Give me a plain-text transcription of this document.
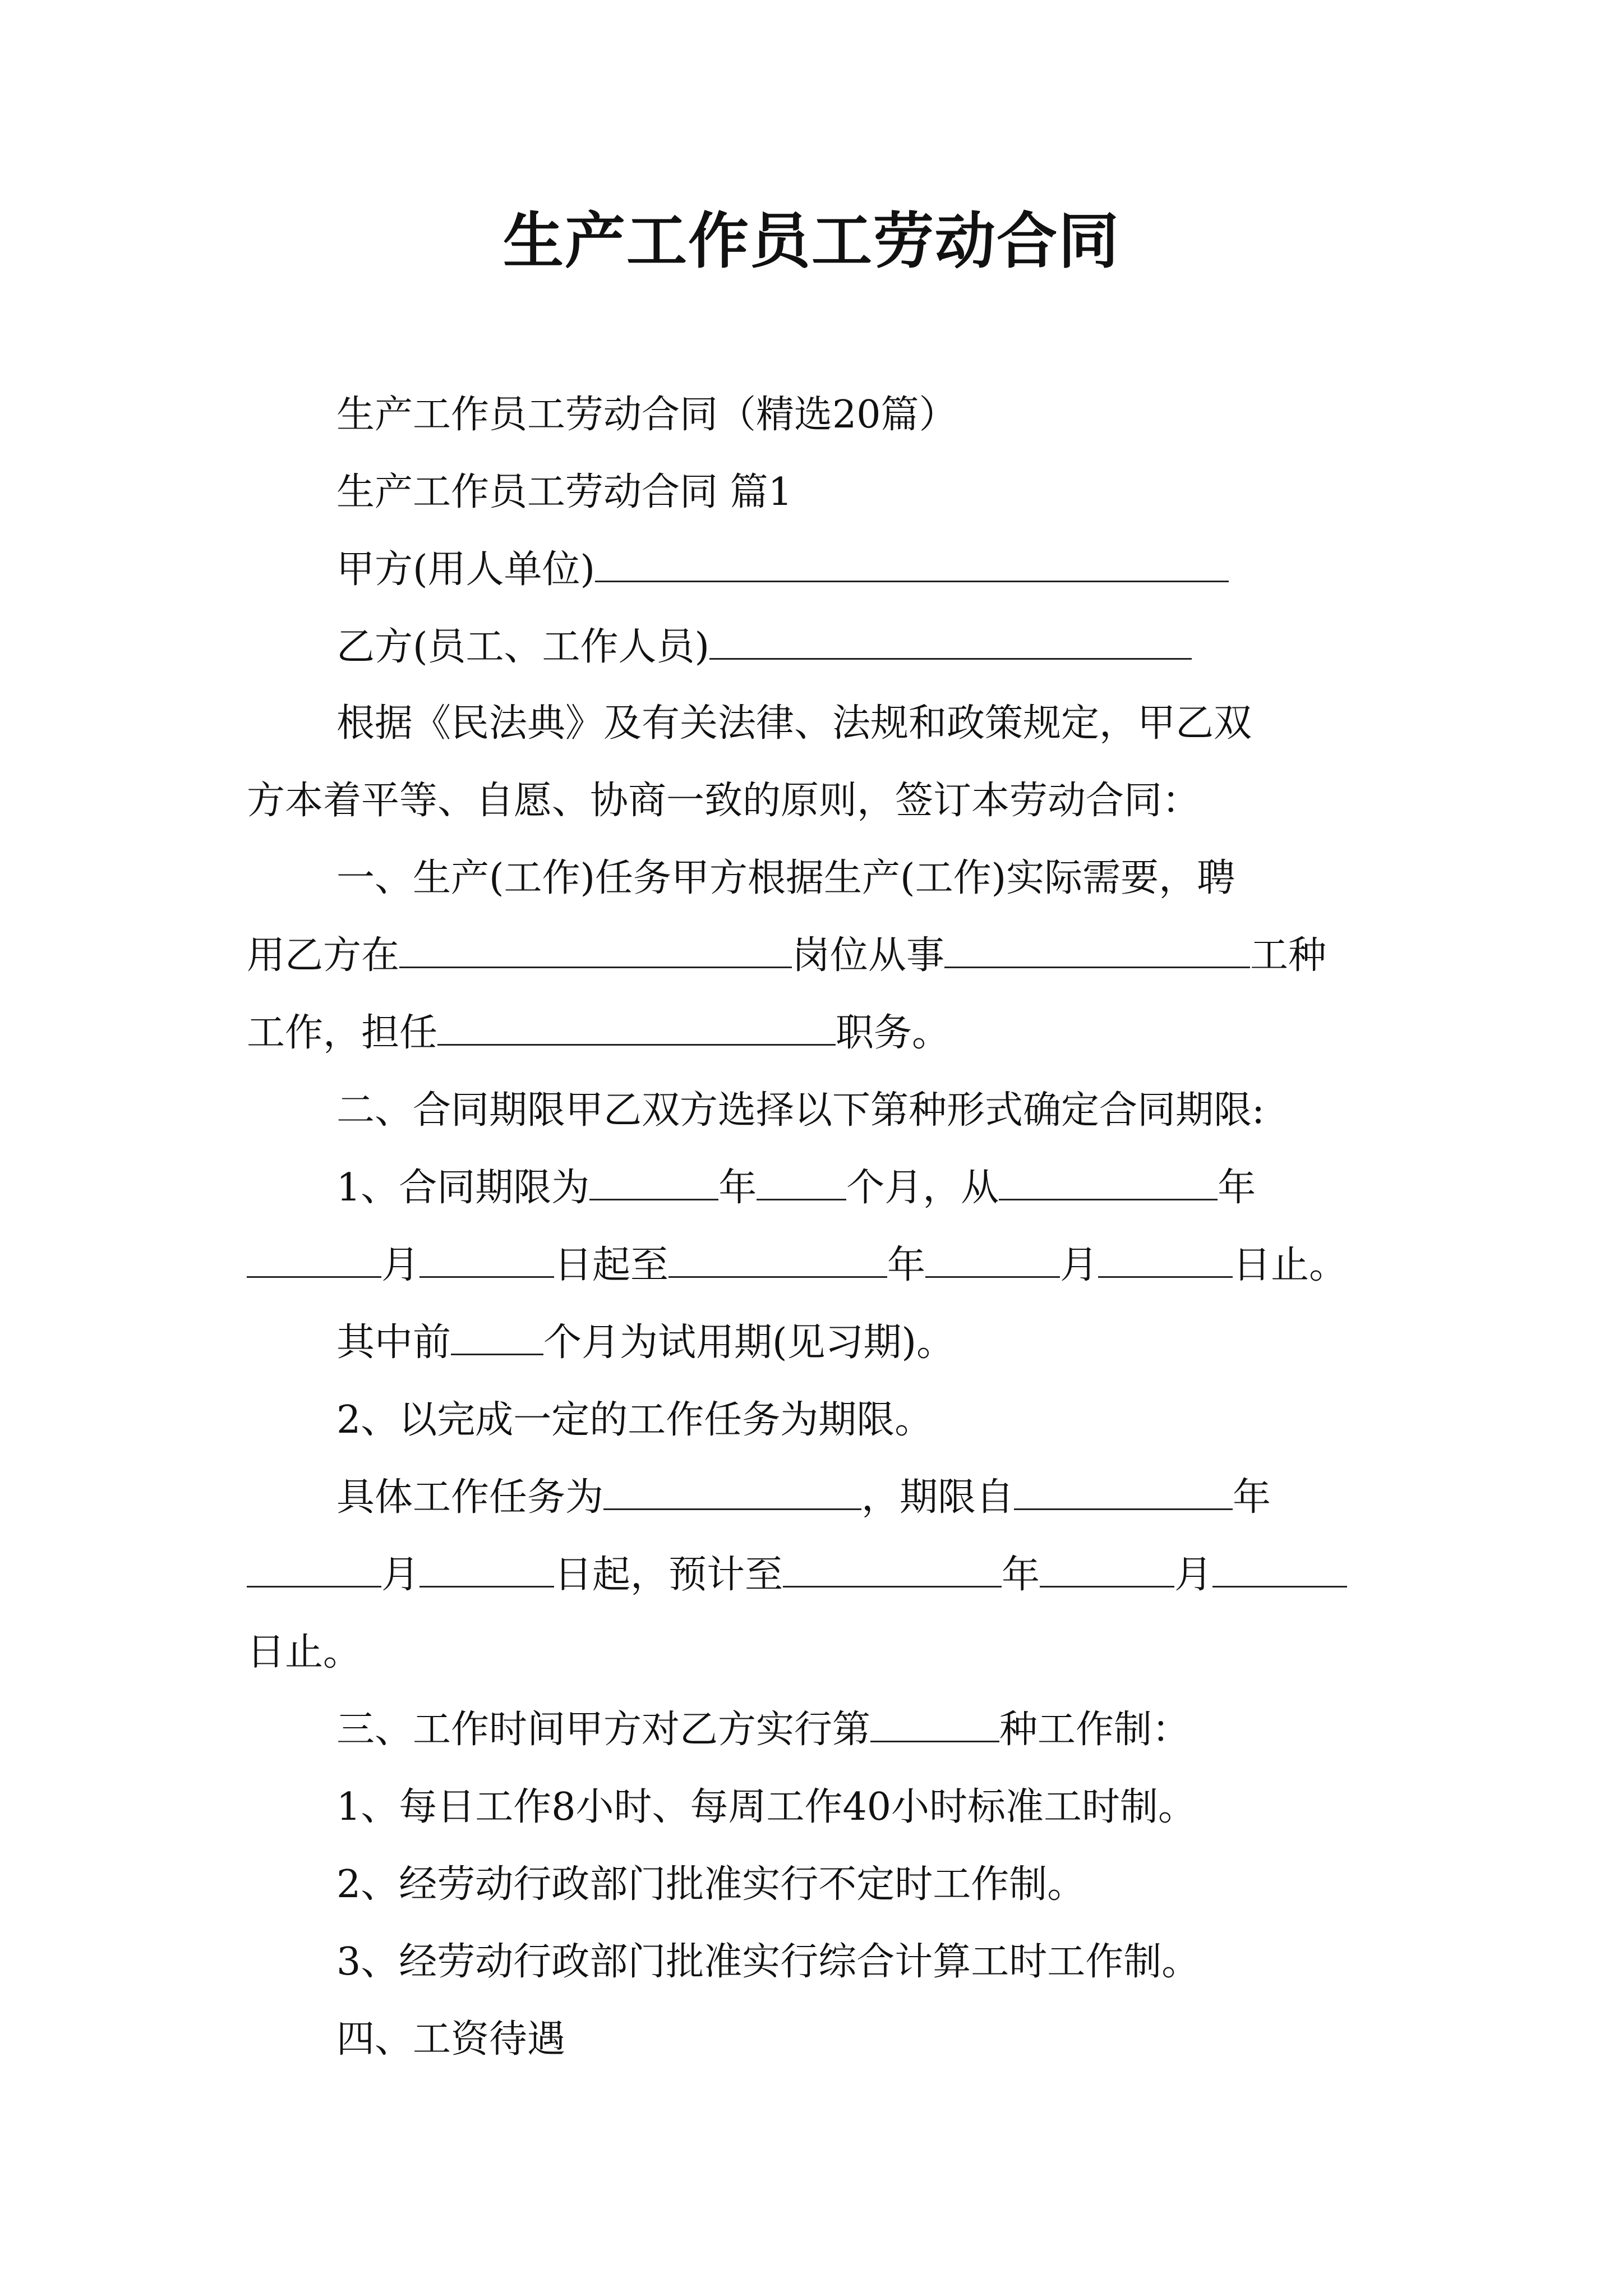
生产工作员工劳动合同
生产工作员工劳动合同（精选20篇）
生产工作员工劳动合同 篇1
甲方(用人单位)
乙方(员工、工作人员)
根据《民法典》及有关法律、法规和政策规定，甲乙双
方本着平等、自愿、协商一致的原则，签订本劳动合同：
一、生产(工作)任务甲方根据生产(工作)实际需要，聘
用乙方在	岗位从事	工种
工作，担任	职务。
二、合同期限甲乙双方选择以下第种形式确定合同期限:
1、合同期限为	年 个月，从	年
月	日起至	年	月	日止。
其中前 个月为试用期(见习期)。
2、以完成一定的工作任务为期限。
具体工作任务为	，期限自	年
月	日起，预计至	年	月
日止。
三、工作时间甲方对乙方实行第	种工作制：
1、每日工作8小时、每周工作40小时标准工时制。
2、经劳动行政部门批准实行不定时工作制。
3、经劳动行政部门批准实行综合计算工时工作制。
四、工资待遇
